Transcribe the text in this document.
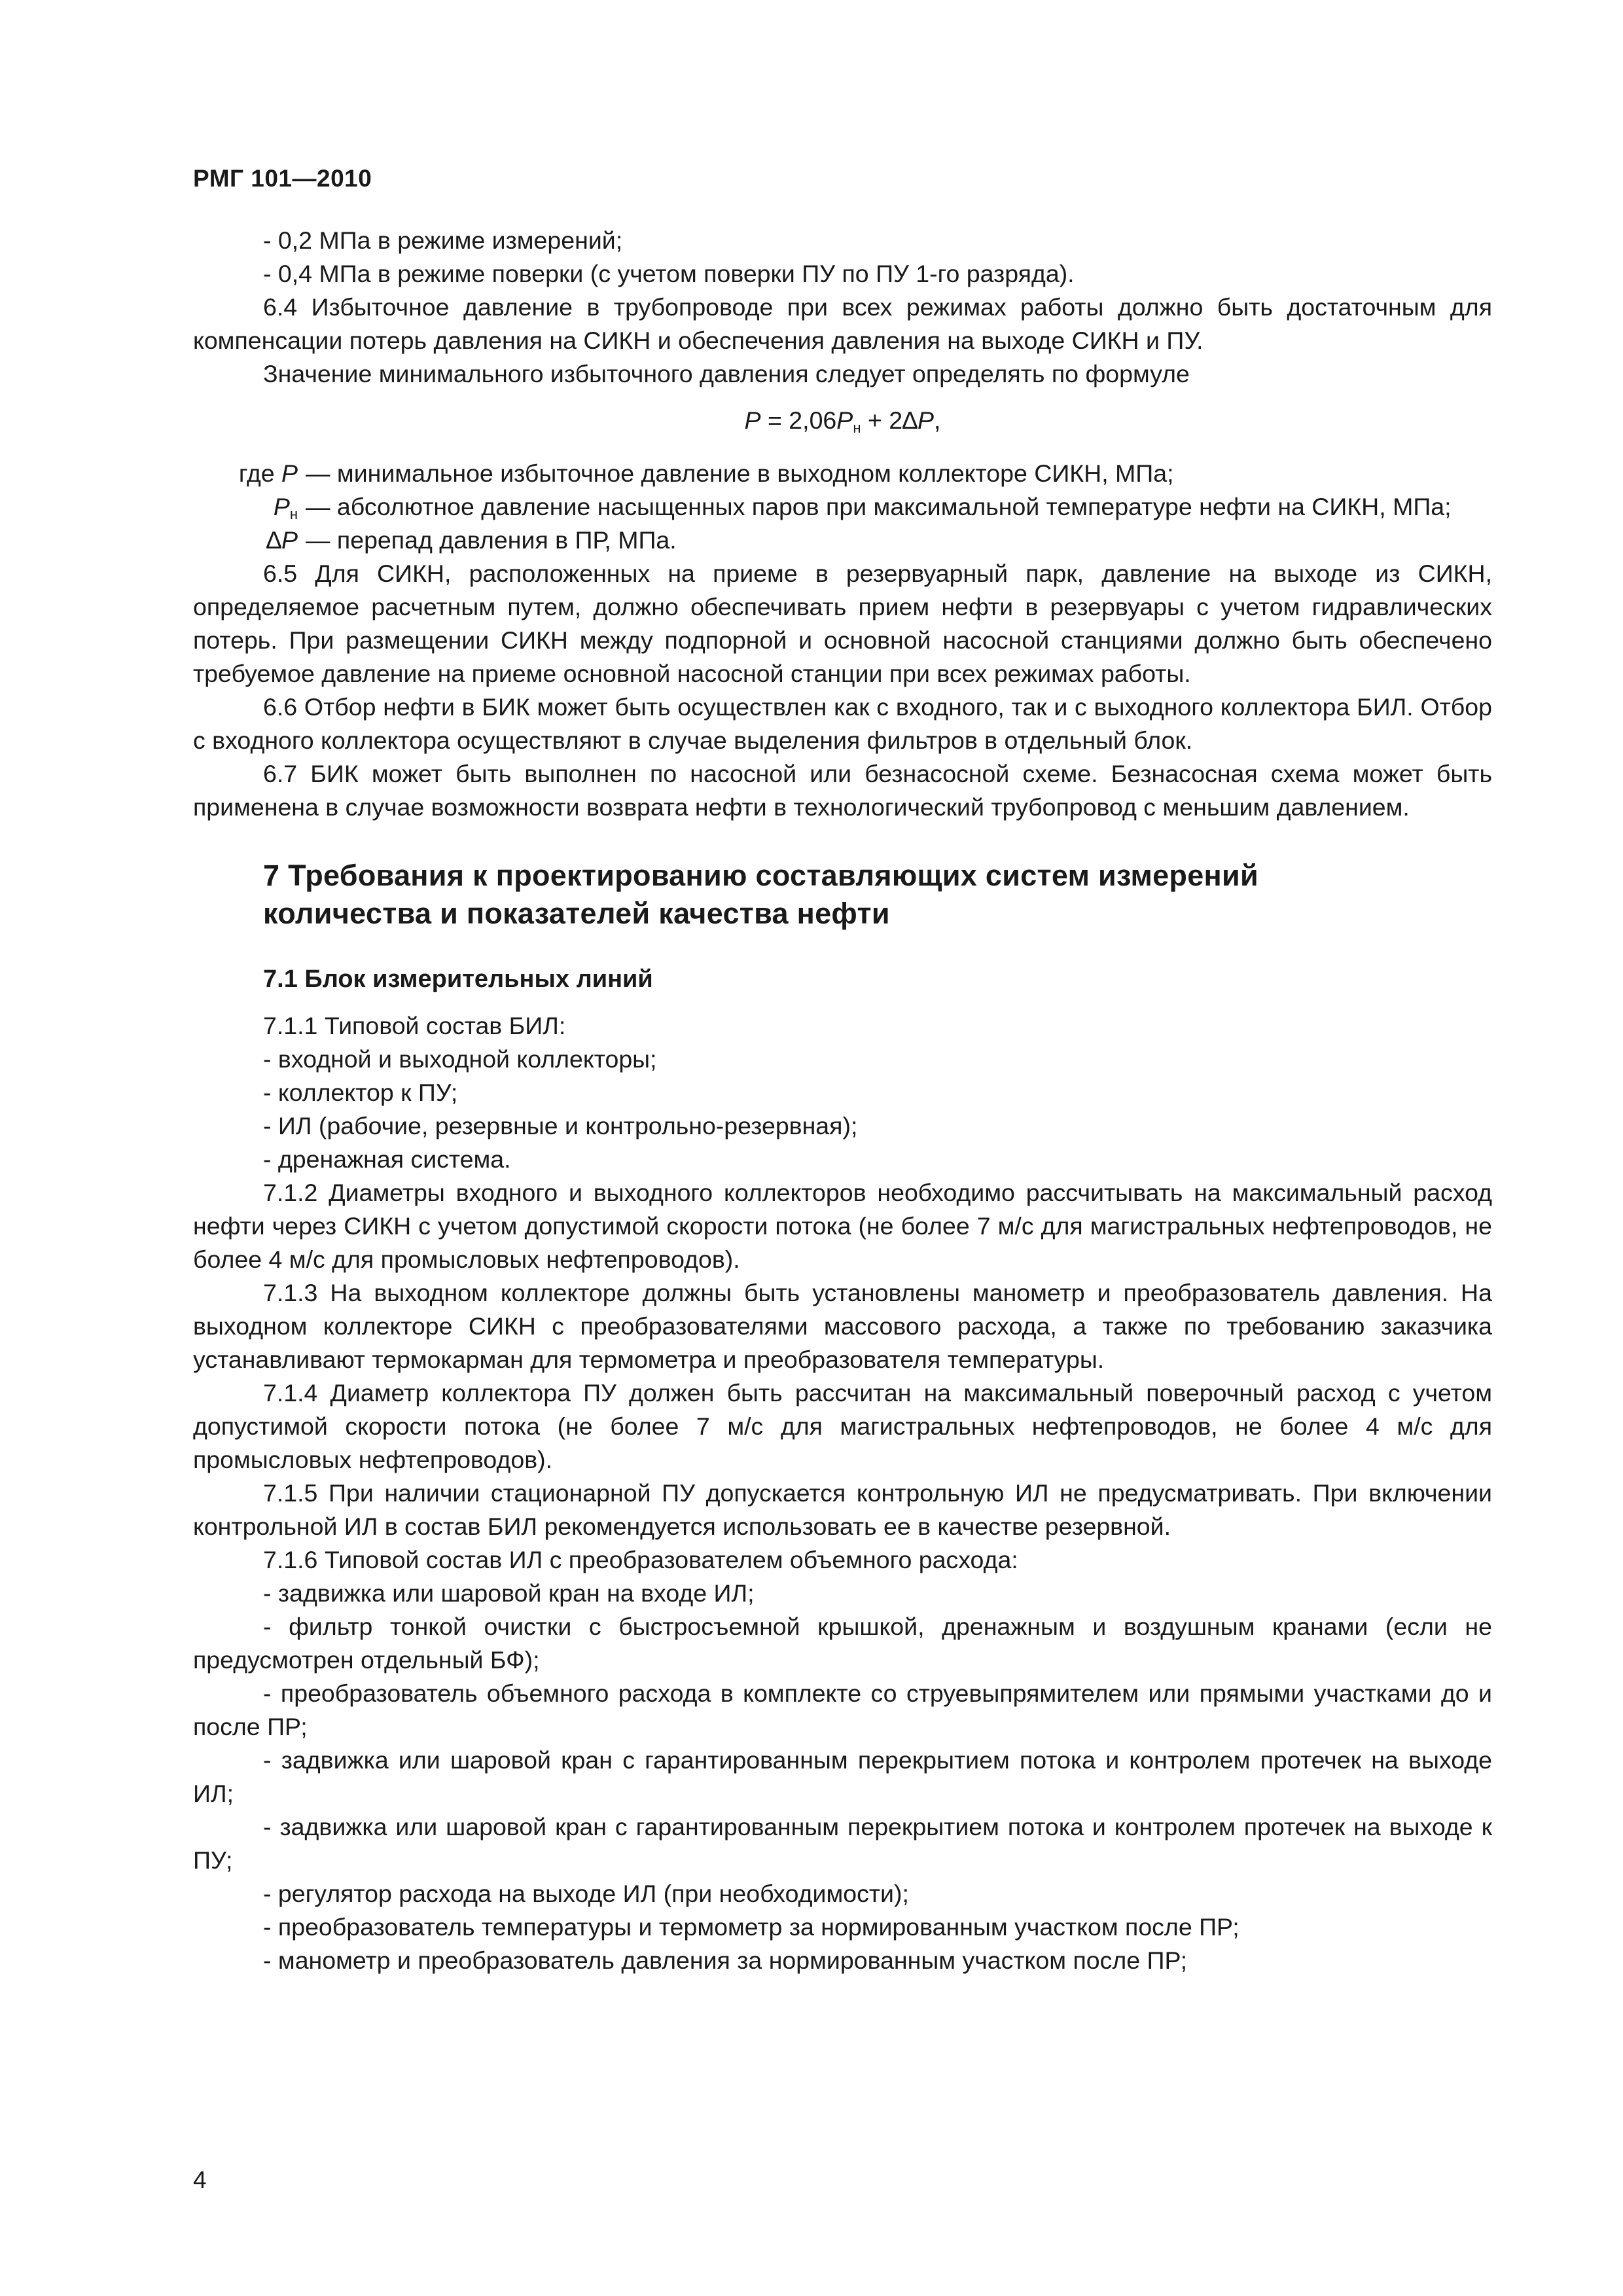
РМГ 101—2010

- 0,2 МПа в режиме измерений;

- 0,4 МПа в режиме поверки (с учетом поверки ПУ по ПУ 1-го разряда).

6.4 Избыточное давление в трубопроводе при всех режимах работы должно быть достаточным для компенсации потерь давления на СИКН и обеспечения давления на выходе СИКН и ПУ.

Значение минимального избыточного давления следует определять по формуле

$P = 2,06P_н + 2\Delta P$,
где P	— минимальное избыточное давление в выходном коллекторе СИКН, МПа;
$P_н$	— абсолютное давление насыщенных паров при максимальной температуре нефти на СИКН, МПа;
∆P	— перепад давления в ПР, МПа.

6.5 Для СИКН, расположенных на приеме в резервуарный парк, давление на выходе из СИКН, определяемое расчетным путем, должно обеспечивать прием нефти в резервуары с учетом гидравлических потерь. При размещении СИКН между подпорной и основной насосной станциями должно быть обеспечено требуемое давление на приеме основной насосной станции при всех режимах работы.

6.6 Отбор нефти в БИК может быть осуществлен как с входного, так и с выходного коллектора БИЛ. Отбор с входного коллектора осуществляют в случае выделения фильтров в отдельный блок.

6.7 БИК может быть выполнен по насосной или безнасосной схеме. Безнасосная схема может быть применена в случае возможности возврата нефти в технологический трубопровод с меньшим давлением.

7 Требования к проектированию составляющих систем измерений
количества и показателей качества нефти
7.1 Блок измерительных линий

7.1.1 Типовой состав БИЛ:

- входной и выходной коллекторы;

- коллектор к ПУ;

- ИЛ (рабочие, резервные и контрольно-резервная);

- дренажная система.

7.1.2 Диаметры входного и выходного коллекторов необходимо рассчитывать на максимальный расход нефти через СИКН с учетом допустимой скорости потока (не более 7 м/с для магистральных нефтепроводов, не более 4 м/с для промысловых нефтепроводов).

7.1.3 На выходном коллекторе должны быть установлены манометр и преобразователь давления. На выходном коллекторе СИКН с преобразователями массового расхода, а также по требованию заказчика устанавливают термокарман для термометра и преобразователя температуры.

7.1.4 Диаметр коллектора ПУ должен быть рассчитан на максимальный поверочный расход с учетом допустимой скорости потока (не более 7 м/с для магистральных нефтепроводов, не более 4 м/с для промысловых нефтепроводов).

7.1.5 При наличии стационарной ПУ допускается контрольную ИЛ не предусматривать. При включении контрольной ИЛ в состав БИЛ рекомендуется использовать ее в качестве резервной.

7.1.6 Типовой состав ИЛ с преобразователем объемного расхода:

- задвижка или шаровой кран на входе ИЛ;

- фильтр тонкой очистки с быстросъемной крышкой, дренажным и воздушным кранами (если не предусмотрен отдельный БФ);

- преобразователь объемного расхода в комплекте со струевыпрямителем или прямыми участками до и после ПР;

- задвижка или шаровой кран с гарантированным перекрытием потока и контролем протечек на выходе ИЛ;

- задвижка или шаровой кран с гарантированным перекрытием потока и контролем протечек на выходе к ПУ;

- регулятор расхода на выходе ИЛ (при необходимости);

- преобразователь температуры и термометр за нормированным участком после ПР;

- манометр и преобразователь давления за нормированным участком после ПР;

4
